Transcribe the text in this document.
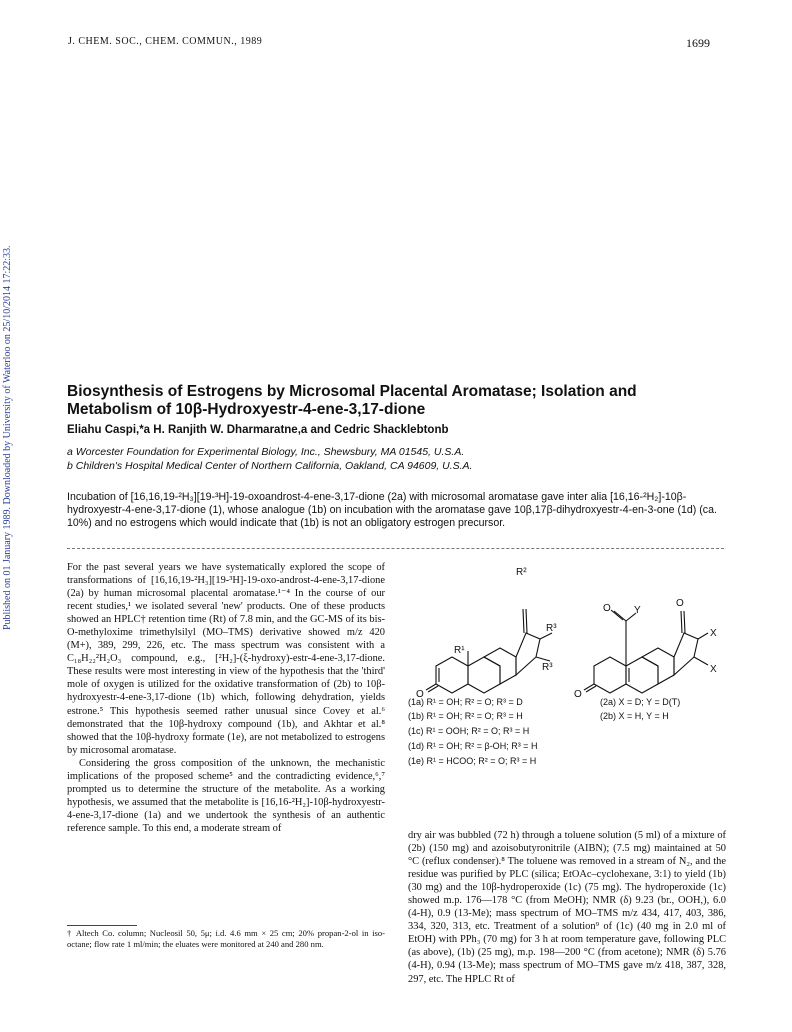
J. CHEM. SOC., CHEM. COMMUN., 1989	1699
Published on 01 January 1989. Downloaded by University of Waterloo on 25/10/2014 17:22:33.	Biosynthesis of Estrogens by Microsomal Placental Aromatase; Isolation and Metabolism of 10β-Hydroxyestr-4-ene-3,17-dione
Eliahu Caspi,*a H. Ranjith W. Dharmaratne,a and Cedric Shacklebtonb
a Worcester Foundation for Experimental Biology, Inc., Shewsbury, MA 01545, U.S.A.
b Children's Hospital Medical Center of Northern California, Oakland, CA 94609, U.S.A.
Incubation of [16,16,19-²H₃][19-³H]-19-oxoandrost-4-ene-3,17-dione (2a) with microsomal aromatase gave inter alia [16,16-²H₂]-10β-hydroxyestr-4-ene-3,17-dione (1), whose analogue (1b) on incubation with the aromatase gave 10β,17β-dihydroxyestr-4-en-3-one (1d) (ca. 10%) and no estrogens which would indicate that (1b) is not an obligatory estrogen precursor.

For the past several years we have systematically explored the scope of transformations of [16,16,19-²H₃][19-³H]-19-oxo-androst-4-ene-3,17-dione (2a) by human microsomal placental aromatase.¹⁻⁴ In the course of our recent studies,¹ we isolated several 'new' products. One of these products showed an HPLC† retention time (Rt) of 7.8 min, and the GC-MS of its bis-O-methyloxime trimethylsilyl (MO–TMS) derivative showed m/z 420 (M+), 389, 299, 226, etc. The mass spectrum was consistent with a C₁₈H₂₂²H₂O₃ compound, e.g., [²H₂]-(ξ-hydroxy)-estr-4-ene-3,17-dione. These results were most interesting in view of the hypothesis that the 'third' mole of oxygen is utilized for the oxidative transformation of (2b) to 10β-hydroxyestr-4-ene-3,17-dione (1b) which, following dehydration, yields estrone.⁵ This hypothesis seemed rather unusual since Covey et al.⁶ demonstrated that the 10β-hydroxy compound (1b), and Akhtar et al.⁸ showed that the 10β-hydroxy formate (1e), are not metabolized to estrogens by microsomal aromatase.

Considering the gross composition of the unknown, the mechanistic implications of the proposed scheme⁵ and the contradicting evidence,⁶,⁷ prompted us to determine the structure of the metabolite. As a working hypothesis, we assumed that the metabolite is [16,16-²H₂]-10β-hydroxyestr-4-ene-3,17-dione (1a) and we undertook the synthesis of an authentic reference sample. To this end, a moderate stream of

† Altech Co. column; Nucleosil 50, 5μ; i.d. 4.6 mm × 25 cm; 20% propan-2-ol in iso-octane; flow rate 1 ml/min; the eluates were monitored at 240 and 280 nm.
R²
R³
R³
R¹
O
O
O Y
X
X
O
(1a) R¹ = OH; R² = O; R³ = D
(1b) R¹ = OH; R² = O; R³ = H
(1c) R¹ = OOH; R² = O; R³ = H
(1d) R¹ = OH; R² = β-OH; R³ = H
(1e) R¹ = HCOO; R² = O; R³ = H
(2a) X = D; Y = D(T)
(2b) X = H, Y = H

dry air was bubbled (72 h) through a toluene solution (5 ml) of a mixture of (2b) (150 mg) and azoisobutyronitrile (AIBN); (7.5 mg) maintained at 50 °C (reflux condenser).⁸ The toluene was removed in a stream of N₂, and the residue was purified by PLC (silica; EtOAc–cyclohexane, 3:1) to yield (1b) (30 mg) and the 10β-hydroperoxide (1c) (75 mg). The hydroperoxide (1c) showed m.p. 176—178 °C (from MeOH); NMR (δ) 9.23 (br., OOH,), 6.0 (4-H), 0.9 (13-Me); mass spectrum of MO–TMS m/z 434, 417, 403, 386, 334, 320, 313, etc. Treatment of a solution⁹ of (1c) (40 mg in 2.0 ml of EtOH) with PPh₃ (70 mg) for 3 h at room temperature gave, following PLC (as above), (1b) (25 mg), m.p. 198—200 °C (from acetone); NMR (δ) 5.76 (4-H), 0.94 (13-Me); mass spectrum of MO–TMS gave m/z 418, 387, 328, 297, etc. The HPLC Rt of
